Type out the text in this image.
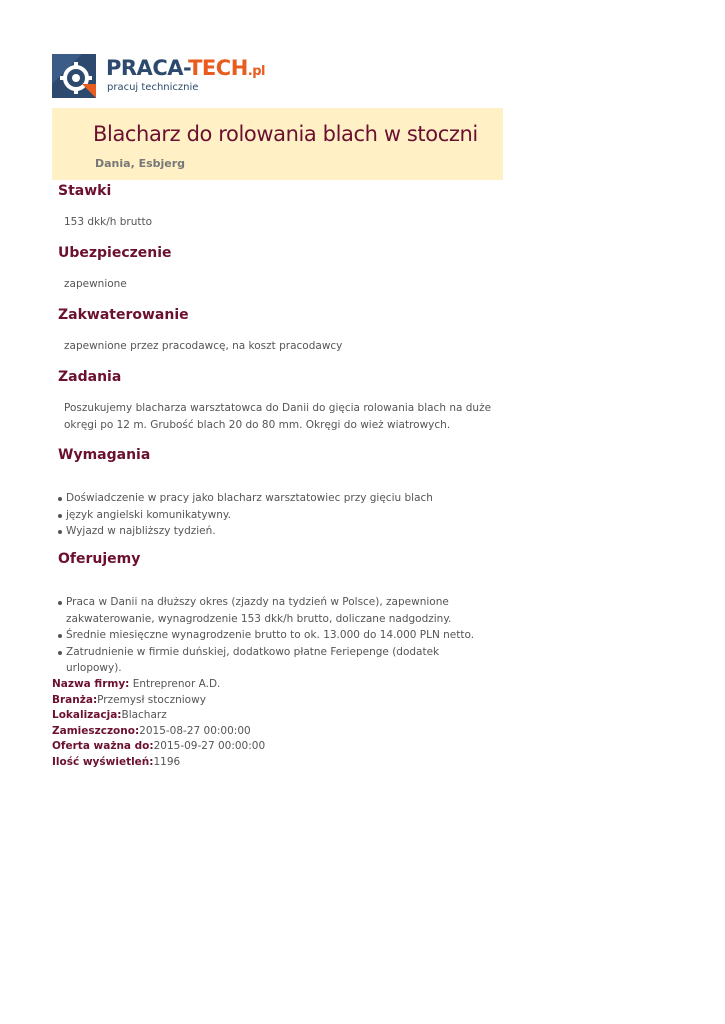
PRACA-TECH.pl
pracuj technicznie
Blacharz do rolowania blach w stoczni
Dania, Esbjerg
Stawki
153 dkk/h brutto
Ubezpieczenie
zapewnione
Zakwaterowanie
zapewnione przez pracodawcę, na koszt pracodawcy
Zadania
Poszukujemy blacharza warsztatowca do Danii do gięcia rolowania blach na duże okręgi po 12 m. Grubość blach 20 do 80 mm. Okręgi do wież wiatrowych.
Wymagania
Doświadczenie w pracy jako blacharz warsztatowiec przy gięciu blach
język angielski komunikatywny.
Wyjazd w najbliższy tydzień.
Oferujemy
Praca w Danii na dłuższy okres (zjazdy na tydzień w Polsce), zapewnione zakwaterowanie, wynagrodzenie 153 dkk/h brutto, doliczane nadgodziny.
Średnie miesięczne wynagrodzenie brutto to ok. 13.000 do 14.000 PLN netto.
Zatrudnienie w firmie duńskiej, dodatkowo płatne Feriepenge (dodatek urlopowy).
Nazwa firmy: Entreprenor A.D.
Branża:Przemysł stoczniowy
Lokalizacja:Blacharz
Zamieszczono:2015-08-27 00:00:00
Oferta ważna do:2015-09-27 00:00:00
Ilość wyświetleń:1196
